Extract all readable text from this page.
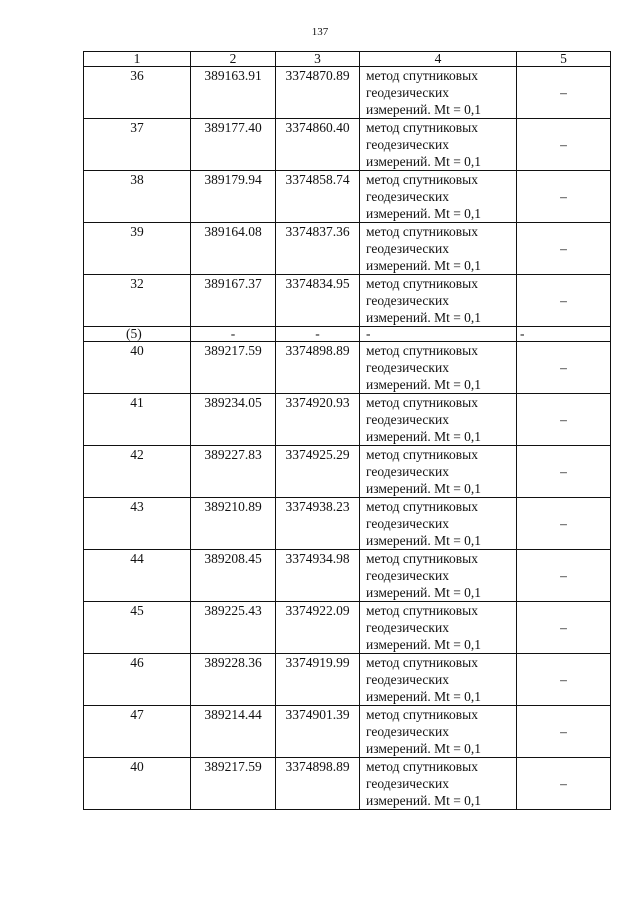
137
1	2	3	4	5
36	389163.91	3374870.89	метод спутниковых
геодезических
измерений. Mt = 0,1	–
37	389177.40	3374860.40	метод спутниковых
геодезических
измерений. Mt = 0,1	–
38	389179.94	3374858.74	метод спутниковых
геодезических
измерений. Mt = 0,1	–
39	389164.08	3374837.36	метод спутниковых
геодезических
измерений. Mt = 0,1	–
32	389167.37	3374834.95	метод спутниковых
геодезических
измерений. Mt = 0,1	–
(5)	-	-	-	-
40	389217.59	3374898.89	метод спутниковых
геодезических
измерений. Mt = 0,1	–
41	389234.05	3374920.93	метод спутниковых
геодезических
измерений. Mt = 0,1	–
42	389227.83	3374925.29	метод спутниковых
геодезических
измерений. Mt = 0,1	–
43	389210.89	3374938.23	метод спутниковых
геодезических
измерений. Mt = 0,1	–
44	389208.45	3374934.98	метод спутниковых
геодезических
измерений. Mt = 0,1	–
45	389225.43	3374922.09	метод спутниковых
геодезических
измерений. Mt = 0,1	–
46	389228.36	3374919.99	метод спутниковых
геодезических
измерений. Mt = 0,1	–
47	389214.44	3374901.39	метод спутниковых
геодезических
измерений. Mt = 0,1	–
40	389217.59	3374898.89	метод спутниковых
геодезических
измерений. Mt = 0,1	–
